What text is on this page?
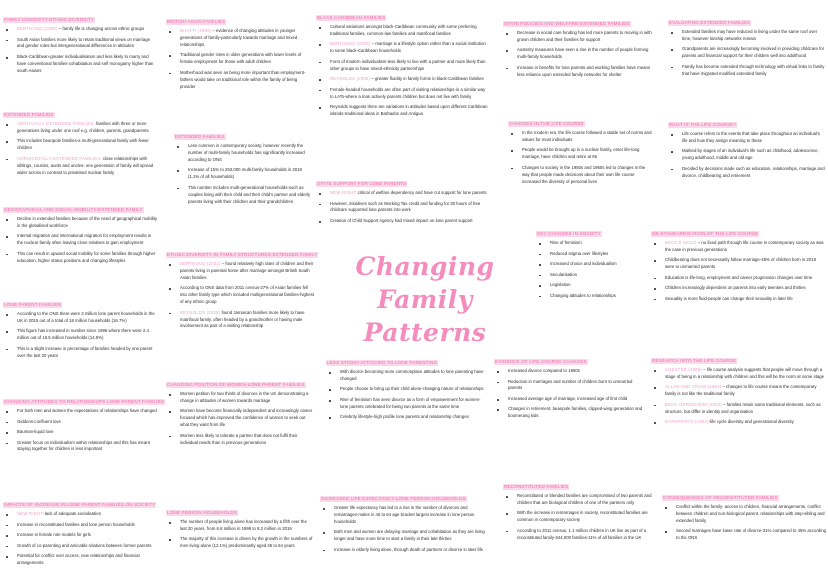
FAMILY DIVERSITY-ETHNIC DIVERSITY
BERTHOUD (2000) – family life is changing across ethnic groups
South Asian families more likely to retain traditional views on marriage and gender roles-but intergenerational differences in attitudes
Black-Caribbean-greater individualisation and less likely to marry and have conventional families-cohabitation and self monogamy higher than south Asians
EXTENDED FAMILIES
VERTICALLY EXTENDED FAMILIES: families with three or more generations living under one roof e.g. children, parents, grandparents
This includes beanpole families-a multi-generational family with fewer children
HORIZONTALLY-EXTENDED FAMILIES: close relationships with siblings, cousins, aunts and uncles- one generation of family will spread wider across in contrast to privatised nuclear family
GEOGRAPHICAL AND SOCIAL MOBILITY-EXTENDED FAMILY
Decline in extended families because of the need of geographical mobility in the globalised workforce
Internal migration and international migration for employment results in the nuclear family often leaving close relatives to gain employment
This can result in upward social mobility for some families through higher education, higher status positions and changing lifestyles
LONE PARENT FAMILIES
According to the ONS there were 3 million lone parent households in the UK in 2015 out of a total of 18 million households (16.7%)
This figure has increased in number since 1996 where there were 2.4 million out of 16.5 million households (14.5%)
This is a slight increase in percentage of families headed by one parent over the last 20 years
CHANGING ATTITUDES TO RELATIONSHIPS-LONE PARENT FAMILIES
For both men and women the expectations of relationships have changed
Giddens-confluent love
Bauman-liquid love
Greater focus on individualism within relationships and this has meant staying together for children is less important
IMPACTS OF INCREASE IN LONE PARENT FAMILIES ON SOCIETY
NEW RIGHT-lack of adequate socialisation
Increase in reconstituted families and lone person households
Increase in female role models for girls
Growth of co-parenting and amicable relations between former parents
Potential for conflict over access, new relationships and financial arrangements
BRITISH ASIAN FAMILIES
BHATTI (1999) – evidence of changing attitudes in younger generations of family-particularly towards marriage and mixed relationships
Traditional gender roles in older generations with lower levels of female employment for those with adult children
Motherhood was seen as being more important than employment-fathers would take on traditional role within the family of being provider
EXTENDED FAMILIES
Less common in contemporary society, however recently the number of multi-family households has significantly increased according to ONS
Increase of 15% to 293,000 multi-family households in 2019 (1.1% of all households)
This number includes multi-generational households-such as couples living with their child and their child's partner and elderly parents living with their children and their grandchildren
ETHNIC DIVERSITY IN FAMILY STRUCTURES-EXTENDED FAMILY
BERTHOUD (2003) – found relatively high rates of children and their parents living in parental home after marriage amongst British South Asian families
According to ONS data from 2011 census-27% of Asian families fell into other family type which included multigenerational families-highest of any ethnic group
REYNOLDS (2005) found Jamaican families more likely to have matrifocal family, often headed by a grandmother or having male involvement as part of a visiting relationship
CHANGING POSITION OF WOMEN-LONE PARENT FAMILIES
Women petition for two thirds of divorces in the UK demonstrating a change in attitudes of women towards marriage
Women have become financially independent and increasingly career focused which has improved the confidence of women to seek out what they want from life
Women less likely to tolerate a partner that does not fulfil their individual needs than in previous generations
LONE PERSON HOUSEHOLDS
The number of people living alone has increased by a fifth over the last 20 years, from 6.8 million in 1999 to 8.2 million in 2019
The majority of this increase is driven by the growth in the numbers of men living alone (12.1%) predominantly aged 45 to 64 years
BLACK CARIBBEAN FAMILIES
Cultural variations amongst black-Caribbean community with some preferring traditional families, common-law families and matrifocal families
BERTHOUD (2005) – marriage is a lifestyle option rather than a social institution to some black-Caribbean households
Form of modern individualism-less likely to live with a partner and more likely than other groups to have mixed-ethnicity partnerships
REYNOLDS (2005) – greater fluidity in family forms in black-Caribbean families
Female-headed households are often part of visiting relationships-in a similar way to LATs-where a man actively parents children but does not live with family
Reynolds suggests there are variations in attitudes based upon different Caribbean islands-traditional ideas in Barbados and Antigua
STATE SUPPORT FOR LONE PARENTS
NEW RIGHT critical of welfare dependency and have cut support for lone parents
However, initiatives such as Working Tax credit and funding for 30 hours of free childcare supported lone parents into work
Creation of Child Support Agency had mixed impact on lone parent support
LESS STIGMA ATTACHED TO LONE PARENTING
With divorce becoming more commonplace attitudes to lone parenting have changed
People choose to bring up their child alone-changing nature of relationships
Rise of feminism has seen divorce as a form of empowerment for women-lone parents celebrated for being two parents at the same time
Celebrity lifestyle-high profile lone parents and relationship changes
INCREASED LIFE EXPECTANCY-LONE PERSON HOUSEHOLDS
Greater life expectancy has led to a rise in the number of divorces and remarriages-males in 45 to 64 age bracket largest increase in lone person households
Both men and women are delaying marriage and cohabitation as they are living longer and have more time to start a family in their late thirties
Increase in elderly living alone, through death of partners or divorce in later life
STATE POLICIES AND WELFARE-EXTENDED FAMILIES
Decrease in social care funding has led more parents to moving in with grown children and their families for support
Austerity measures have seen a rise in the number of people forming multi-family households
Increase in benefits for lone parents and working families have means less reliance upon extended family networks for shelter
CHANGES IN THE LIFE COURSE
In the modern era, the life course followed a stable set of norms and values for most individuals
People would be brought up in a nuclear family, enter life-long marriage, have children and retire at 65
Changes to society in the 1950s and 1960s led to changes in the way that people made decisions about their own life course increased the diversity of personal lives
KEY CHANGES IN SOCIETY
Rise of feminism
Reduced stigma over lifestyles
Increased choice and individualism
Secularisation
Legislation
Changing attitudes to relationships
EVIDENCE OF LIFE COURSE CHANGES
Increased divorce compared to 1960s
Reduction in marriages and number of children born to unmarried parents
Increased average age of marriage, increased age of first child
Changes in retirement, beanpole families, clipped-wing generation and boomerang kids
RECONSTITUTED FAMILIES
Reconstituted or blended families are compromised of two parents and children that are biological children of one of the partners only
With the increase in remarriages in society, reconstituted families are common in contemporary society
According to 2011 census, 1.1 million children in UK live as part of a reconstituted family-544,000 families-11% of all families in the UK
EVALUATING EXTENDED FAMILIES
Extended families may have reduced in living under the same roof over time, however kinship networks remain
Grandparents are increasingly becoming involved in providing childcare for parents and financial support for their children well into adulthood
Family has become extended through technology with virtual links to family that have migrated-modified extended family
WHAT IS THE LIFE COURSE?
Life course refers to the events that take place throughout an individual's life and how they assign meaning to these
Marked by stages of an individual's life such as childhood, adolescence, young adulthood, middle and old age
Decided by decisions made such as education, relationships, marriage and divorce, childbearing and retirement
DE-STANDARDISATION OF THE LIFE COURSE
BECK'S (2013) – no fixed path through life course in contemporary society as was the case in previous generations
Childbearing does not necessarily follow marriage-48% of children born in 2018 were to unmarried parents
Education is life-long, employment and career progression changes over time
Children increasingly dependent on parents into early twenties and thirties
Sexuality is more fluid-people can change their sexuality in later life
RESEARCH INTO THE LIFE COURSE
CHESTER (1985) – life course analysis suggests that people will move through a stage of being in a relationship with children and this will be the norm at some stage
ALLAN AND CROW (2001) – changes to life course means the contemporary family is not like the traditional family
BECK-GERNSHEIM (2002) – families retain some traditional elements, such as structure, but differ in identity and organisation
RAPOPORTS (1982)-life cycle diversity and generational diversity
CONSEQUENCES OF RECONSTITUTED FAMILIES
Conflict within the family- access to children, financial arrangements, conflict between children and non-biological parent, relationships with step-sibling and extended family
Second marriages have lower rate of divorce-31% compared to 45% according to the ONS
Changing Family
Patterns
